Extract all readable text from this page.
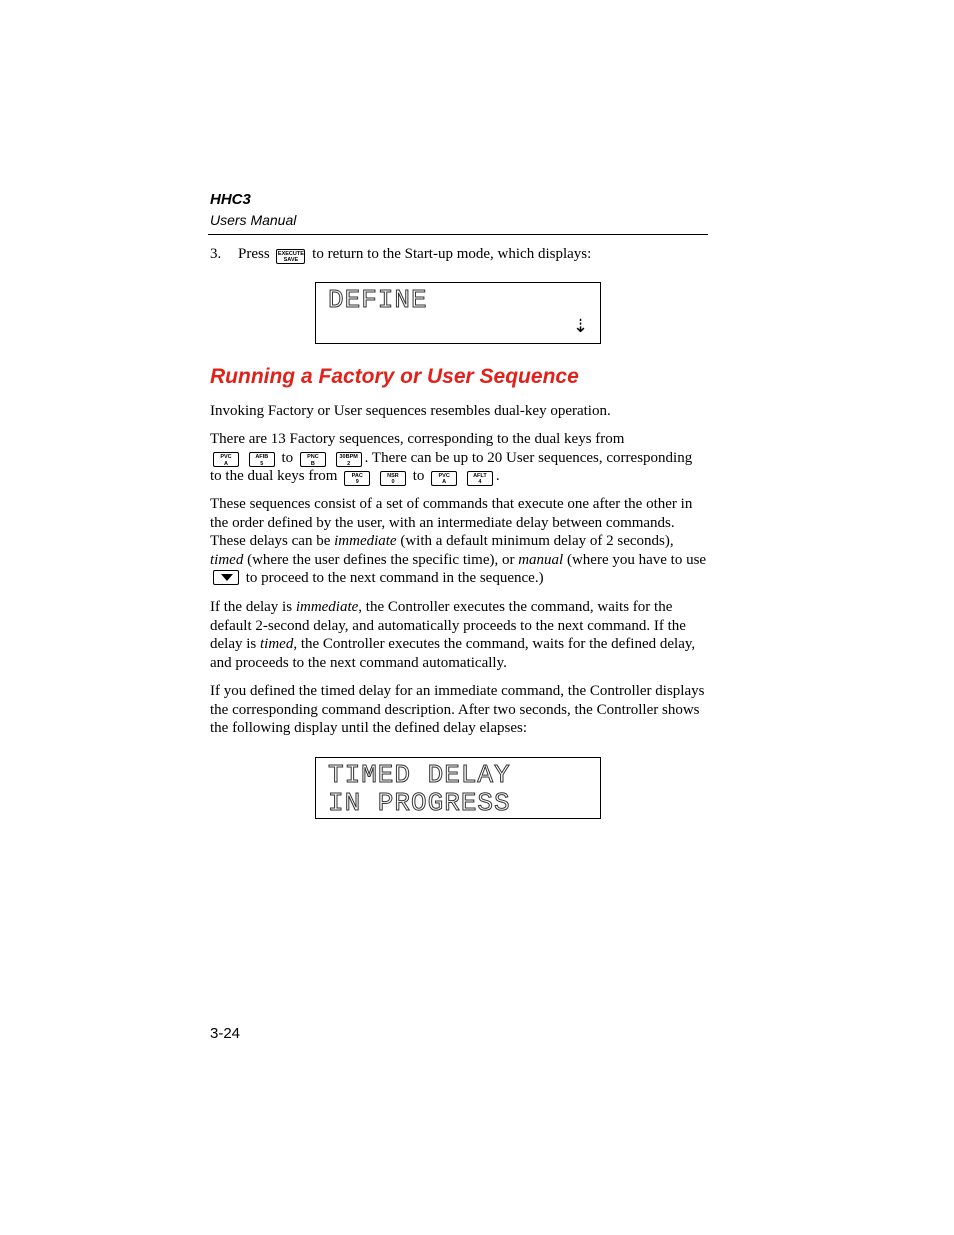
HHC3
Users Manual
3. Press EXECUTE
SAVE to return to the Start-up mode, which displays:
DEFINE
⇣
Running a Factory or User Sequence
Invoking Factory or User sequences resembles dual-key operation.
There are 13 Factory sequences, corresponding to the dual keys from

PVC
A

AFIB
5	to	PNC
B

30BPM
2 . There can be up to 20 User sequences, corresponding
to the dual keys from	PAC
9

NSR
0	to	PVC
A

AFLT
4 .
These sequences consist of a set of commands that execute one after the other in the order defined by the user, with an intermediate delay between commands. These delays can be immediate (with a default minimum delay of 2 seconds), timed (where the user defines the specific time), or manual (where you have to use  to proceed to the next command in the sequence.)
If the delay is immediate, the Controller executes the command, waits for the default 2-second delay, and automatically proceeds to the next command. If the delay is timed, the Controller executes the command, waits for the defined delay, and proceeds to the next command automatically.
If you defined the timed delay for an immediate command, the Controller displays the corresponding command description. After two seconds, the Controller shows the following display until the defined delay elapses:
TIMED DELAY
IN PROGRESS
3-24
